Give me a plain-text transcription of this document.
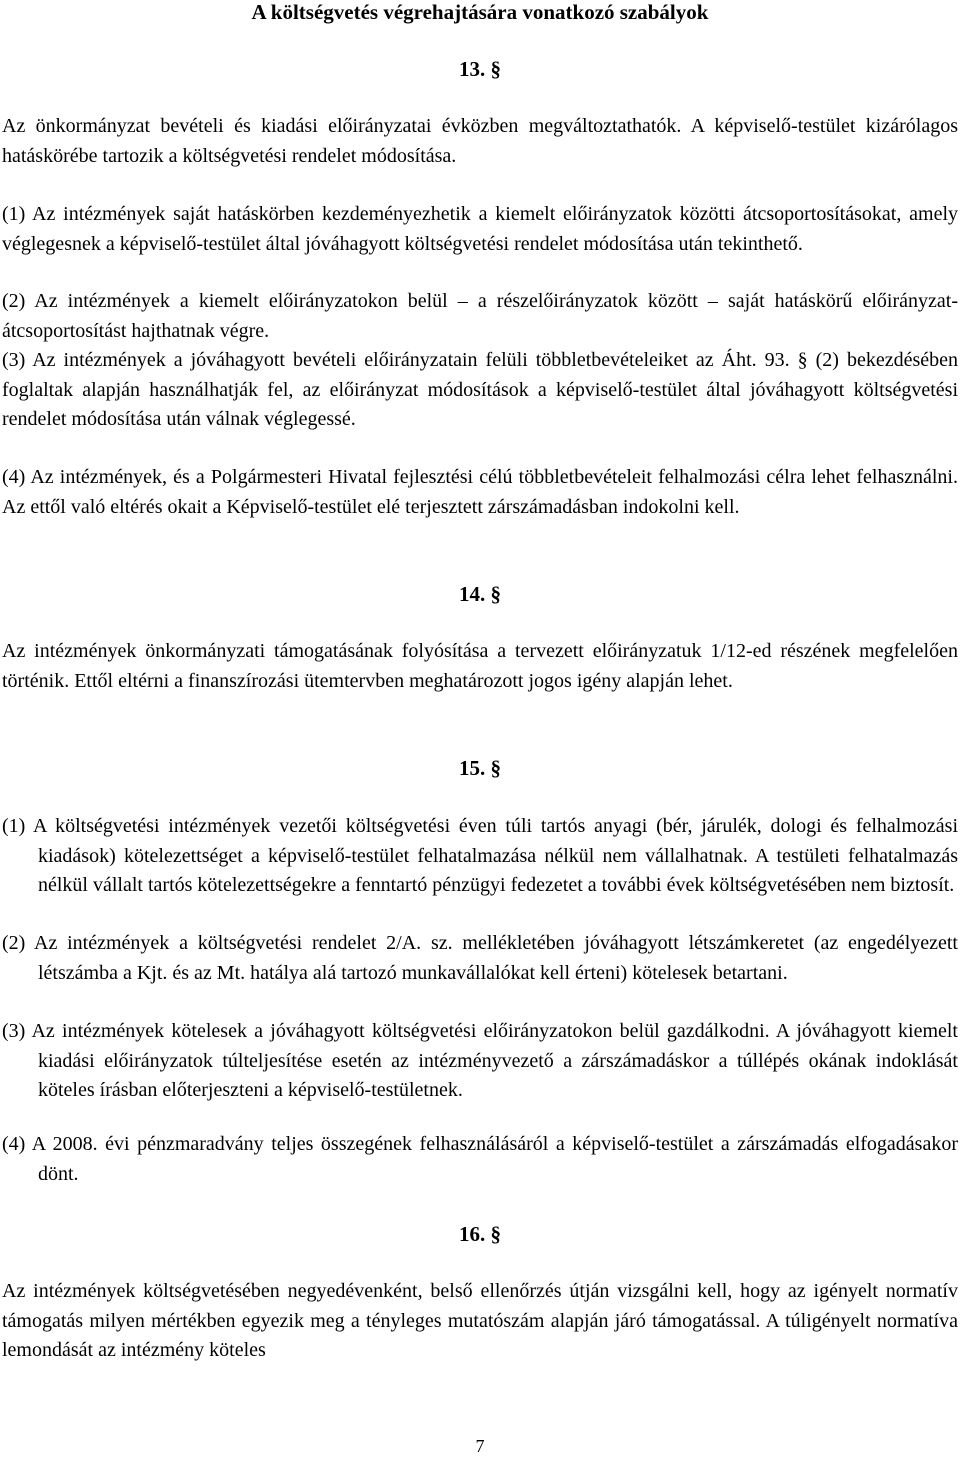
A költségvetés végrehajtására vonatkozó szabályok
13. §

Az önkormányzat bevételi és kiadási előirányzatai évközben megváltoztathatók. A képviselő-testület kizárólagos hatáskörébe tartozik a költségvetési rendelet módosítása.

(1) Az intézmények saját hatáskörben kezdeményezhetik a kiemelt előirányzatok közötti átcsoportosításokat, amely véglegesnek a képviselő-testület által jóváhagyott költségvetési rendelet módosítása után tekinthető.

(2) Az intézmények a kiemelt előirányzatokon belül – a részelőirányzatok között – saját hatáskörű előirányzat-átcsoportosítást hajthatnak végre.

(3) Az intézmények a jóváhagyott bevételi előirányzatain felüli többletbevételeiket az Áht. 93. § (2) bekezdésében foglaltak alapján használhatják fel, az előirányzat módosítások a képviselő-testület által jóváhagyott költségvetési rendelet módosítása után válnak véglegessé.

(4) Az intézmények, és a Polgármesteri Hivatal fejlesztési célú többletbevételeit felhalmozási célra lehet felhasználni. Az ettől való eltérés okait a Képviselő-testület elé terjesztett zárszámadásban indokolni kell.

14. §

Az intézmények önkormányzati támogatásának folyósítása a tervezett előirányzatuk 1/12-ed részének megfelelően történik. Ettől eltérni a finanszírozási ütemtervben meghatározott jogos igény alapján lehet.

15. §

(1) A költségvetési intézmények vezetői költségvetési éven túli tartós anyagi (bér, járulék, dologi és felhalmozási kiadások) kötelezettséget a képviselő-testület felhatalmazása nélkül nem vállalhatnak. A testületi felhatalmazás nélkül vállalt tartós kötelezettségekre a fenntartó pénzügyi fedezetet a további évek költségvetésében nem biztosít.

(2) Az intézmények a költségvetési rendelet 2/A. sz. mellékletében jóváhagyott létszámkeretet (az engedélyezett létszámba a Kjt. és az Mt. hatálya alá tartozó munkavállalókat kell érteni) kötelesek betartani.

(3) Az intézmények kötelesek a jóváhagyott költségvetési előirányzatokon belül gazdálkodni. A jóváhagyott kiemelt kiadási előirányzatok túlteljesítése esetén az intézményvezető a zárszámadáskor a túllépés okának indoklását köteles írásban előterjeszteni a képviselő-testületnek.

(4) A 2008. évi pénzmaradvány teljes összegének felhasználásáról a képviselő-testület a zárszámadás elfogadásakor dönt.

16. §

Az intézmények költségvetésében negyedévenként, belső ellenőrzés útján vizsgálni kell, hogy az igényelt normatív támogatás milyen mértékben egyezik meg a tényleges mutatószám alapján járó támogatással. A túligényelt normatíva lemondását az intézmény köteles

7
